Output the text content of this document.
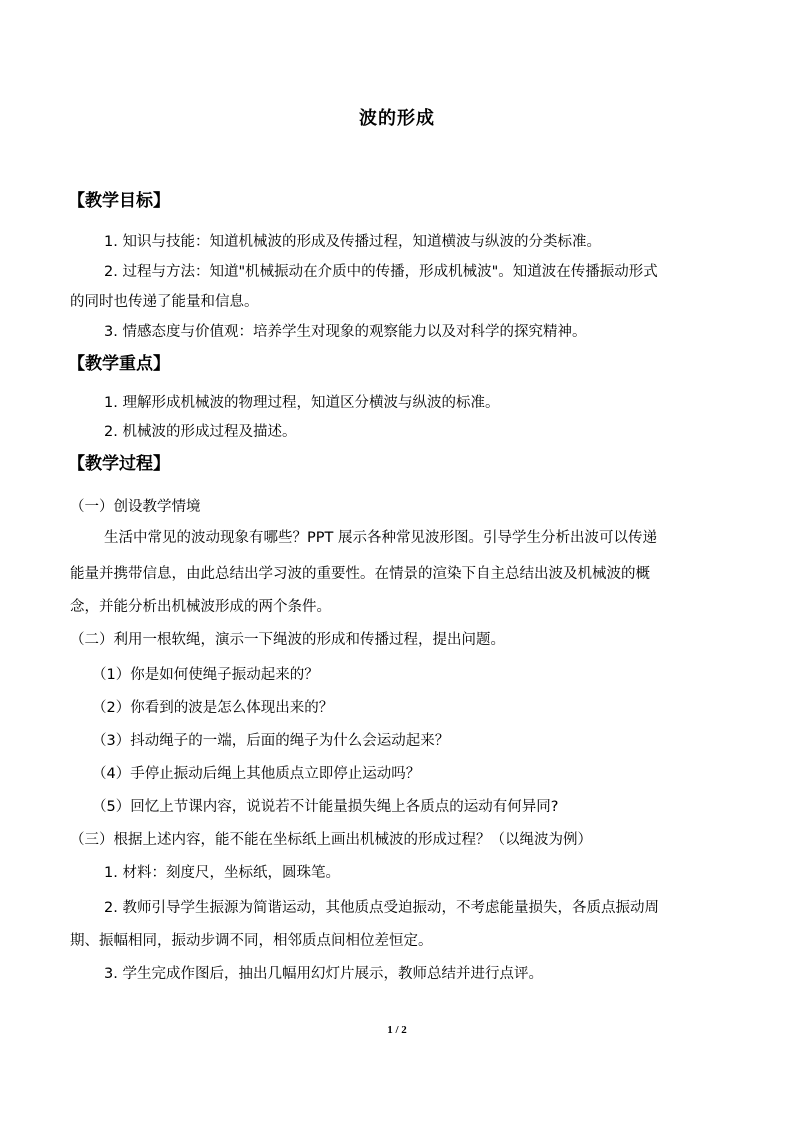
波的形成
【教学目标】
1. 知识与技能：知道机械波的形成及传播过程，知道横波与纵波的分类标准。
2. 过程与方法：知道"机械振动在介质中的传播，形成机械波"。知道波在传播振动形式
的同时也传递了能量和信息。
3. 情感态度与价值观：培养学生对现象的观察能力以及对科学的探究精神。
【教学重点】
1. 理解形成机械波的物理过程，知道区分横波与纵波的标准。
2. 机械波的形成过程及描述。
【教学过程】
（一）创设教学情境
生活中常见的波动现象有哪些？PPT 展示各种常见波形图。引导学生分析出波可以传递
能量并携带信息，由此总结出学习波的重要性。在情景的渲染下自主总结出波及机械波的概
念，并能分析出机械波形成的两个条件。
（二）利用一根软绳，演示一下绳波的形成和传播过程，提出问题。
（1）你是如何使绳子振动起来的？
（2）你看到的波是怎么体现出来的？
（3）抖动绳子的一端，后面的绳子为什么会运动起来？
（4）手停止振动后绳上其他质点立即停止运动吗？
（5）回忆上节课内容，说说若不计能量损失绳上各质点的运动有何异同?
（三）根据上述内容，能不能在坐标纸上画出机械波的形成过程？（以绳波为例）
1. 材料：刻度尺，坐标纸，圆珠笔。
2. 教师引导学生振源为简谐运动，其他质点受迫振动，不考虑能量损失，各质点振动周
期、振幅相同，振动步调不同，相邻质点间相位差恒定。
3. 学生完成作图后，抽出几幅用幻灯片展示，教师总结并进行点评。
1 / 2
